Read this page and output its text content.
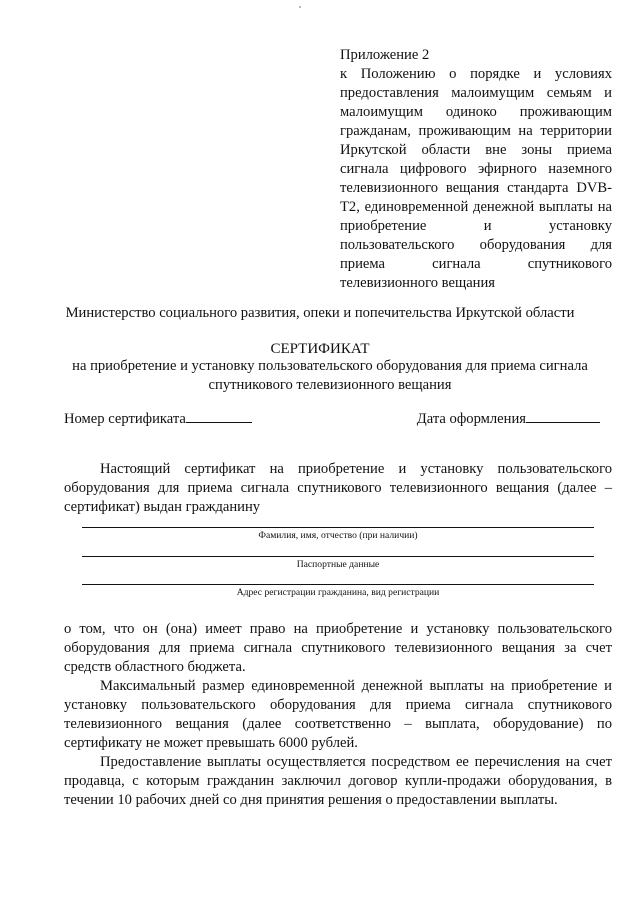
Приложение 2
к Положению о порядке и условиях предоставления малоимущим семьям и малоимущим одиноко проживающим гражданам, проживающим на территории Иркутской области вне зоны приема сигнала цифрового эфирного наземного телевизионного вещания стандарта DVB-T2, единовременной денежной выплаты на приобретение и установку пользовательского оборудования для приема сигнала спутникового телевизионного вещания
Министерство социального развития, опеки и попечительства Иркутской области
СЕРТИФИКАТ
на приобретение и установку пользовательского оборудования для приема сигнала спутникового телевизионного вещания
Номер сертификата	Дата оформления
Настоящий сертификат на приобретение и установку пользовательского оборудования для приема сигнала спутникового телевизионного вещания (далее – сертификат) выдан гражданину
Фамилия, имя, отчество (при наличии)
Паспортные данные
Адрес регистрации гражданина, вид регистрации

о том, что он (она) имеет право на приобретение и установку пользовательского оборудования для приема сигнала спутникового телевизионного вещания за счет средств областного бюджета.

Максимальный размер единовременной денежной выплаты на приобретение и установку пользовательского оборудования для приема сигнала спутникового телевизионного вещания (далее соответственно – выплата, оборудование) по сертификату не может превышать 6000 рублей.

Предоставление выплаты осуществляется посредством ее перечисления на счет продавца, с которым гражданин заключил договор купли-продажи оборудования, в течении 10 рабочих дней со дня принятия решения о предоставлении выплаты.
